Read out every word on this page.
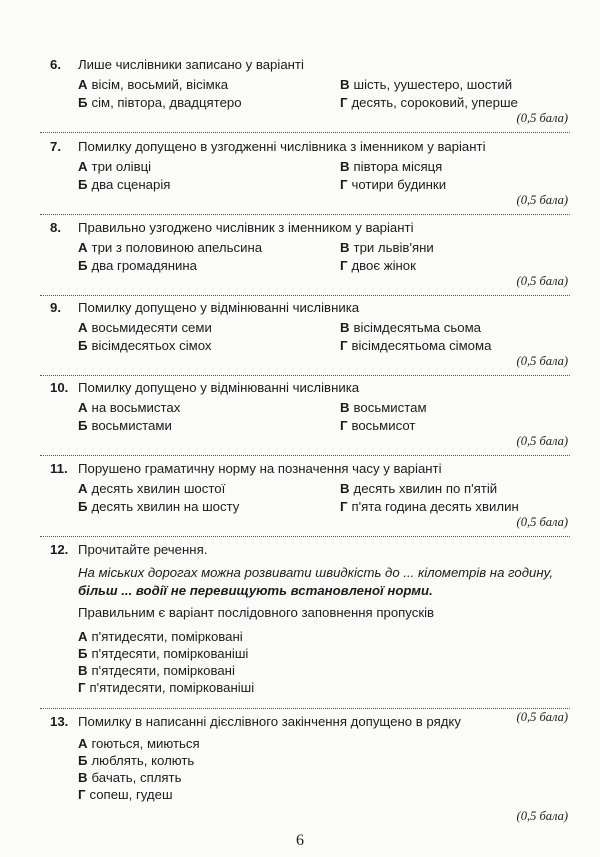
6.	Лише числівники записано у варіанті
А вісім, восьмий, вісімка	В шість, уушестеро, шостий
Б сім, півтора, двадцятеро	Г десять, сороковий, уперше
(0,5 бала)
7.	Помилку допущено в узгодженні числівника з іменником у варіанті
А три олівці	В півтора місяця
Б два сценарія	Г чотири будинки
(0,5 бала)
8.	Правильно узгоджено числівник з іменником у варіанті
А три з половиною апельсина	В три львів'яни
Б два громадянина	Г двоє жінок
(0,5 бала)
9.	Помилку допущено у відмінюванні числівника
А восьмидесяти семи	В вісімдесятьма сьома
Б вісімдесятьох сімох	Г вісімдесятьома сімома
(0,5 бала)
10. Помилку допущено у відмінюванні числівника
А на восьмистах	В восьмистам
Б восьмистами	Г восьмисот
(0,5 бала)
11. Порушено граматичну норму на позначення часу у варіанті
А десять хвилин шостої	В десять хвилин по п'ятій
Б десять хвилин на шосту	Г п'ята година десять хвилин
(0,5 бала)
12. Прочитайте речення.
На міських дорогах можна розвивати швидкість до ... кілометрів на годину,
більш ... водії не перевищують встановленої норми.
Правильним є варіант послідовного заповнення пропусків
А п'ятидесяти, поміркованi
Б п'ятдесяти, поміркованіші
В п'ятдесяти, помірковані
Г п'ятидесяти, поміркованіші
(0,5 бала)
13. Помилку в написанні дієслівного закінчення допущено в рядку
А гоються, миються
Б люблять, колють
В бачать, сплять
Г сопеш, гудеш
(0,5 бала)
6
